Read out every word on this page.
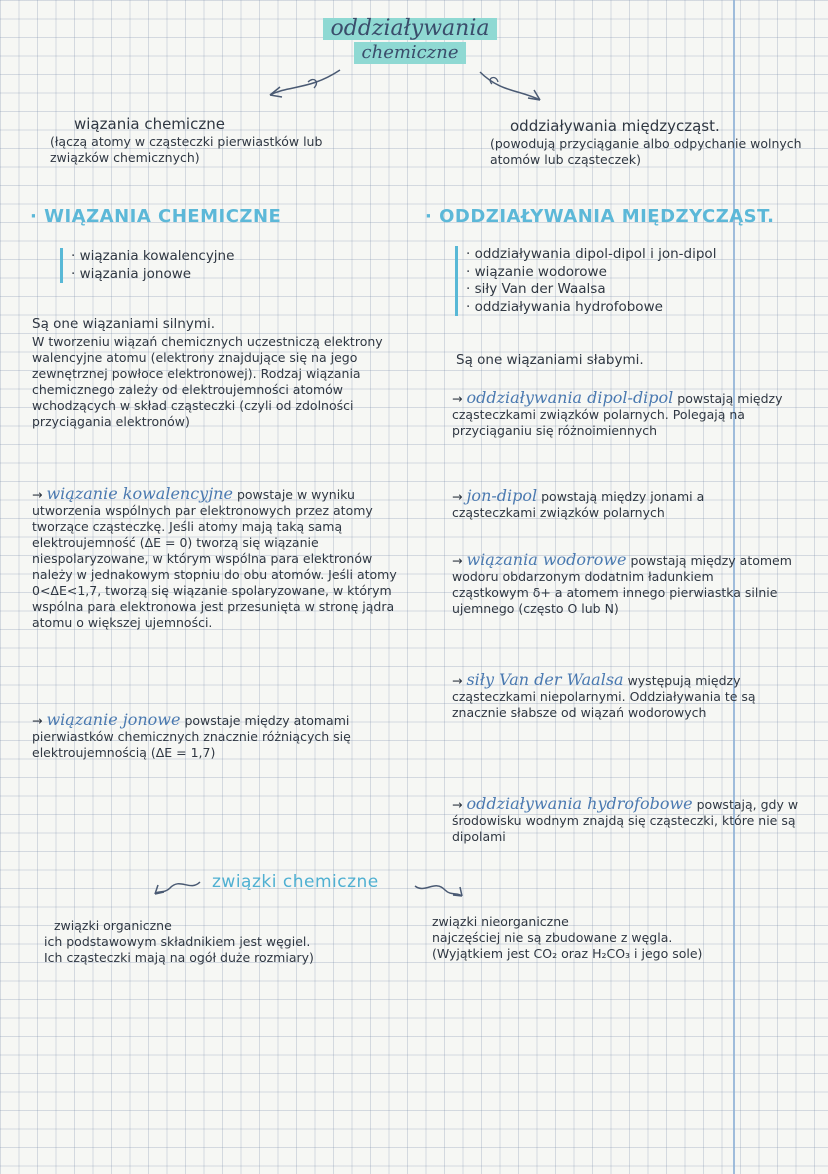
oddziaływania
chemiczne
wiązania chemiczne
(łączą atomy w cząsteczki pierwiastków lub związków chemicznych)
oddziaływania międzycząst.
(powodują przyciąganie albo odpychanie wolnych atomów lub cząsteczek)
· WIĄZANIA CHEMICZNE
· wiązania kowalencyjne
· wiązania jonowe
Są one wiązaniami silnymi.
W tworzeniu wiązań chemicznych uczestniczą elektrony walencyjne atomu (elektrony znajdujące się na jego zewnętrznej powłoce elektronowej). Rodzaj wiązania chemicznego zależy od elektroujemności atomów wchodzących w skład cząsteczki (czyli od zdolności przyciągania elektronów)
→ wiązanie kowalencyjne powstaje w wyniku utworzenia wspólnych par elektronowych przez atomy tworzące cząsteczkę. Jeśli atomy mają taką samą elektroujemność (ΔE = 0) tworzą się wiązanie niespolaryzowane, w którym wspólna para elektronów należy w jednakowym stopniu do obu atomów. Jeśli atomy 0<ΔE<1,7, tworzą się wiązanie spolaryzowane, w którym wspólna para elektronowa jest przesunięta w stronę jądra atomu o większej ujemności.
→ wiązanie jonowe powstaje między atomami pierwiastków chemicznych znacznie różniących się elektroujemnością (ΔE = 1,7)
· ODDZIAŁYWANIA MIĘDZYCZĄST.
· oddziaływania dipol-dipol i jon-dipol
· wiązanie wodorowe
· siły Van der Waalsa
· oddziaływania hydrofobowe
Są one wiązaniami słabymi.
→ oddziaływania dipol-dipol powstają między cząsteczkami związków polarnych. Polegają na przyciąganiu się różnoimiennych
→ jon-dipol powstają między jonami a cząsteczkami związków polarnych
→ wiązania wodorowe powstają między atomem wodoru obdarzonym dodatnim ładunkiem cząstkowym δ+ a atomem innego pierwiastka silnie ujemnego (często O lub N)
→ siły Van der Waalsa występują między cząsteczkami niepolarnymi. Oddziaływania te są znacznie słabsze od wiązań wodorowych
→ oddziaływania hydrofobowe powstają, gdy w środowisku wodnym znajdą się cząsteczki, które nie są dipolami
związki chemiczne
związki organiczne
ich podstawowym składnikiem jest węgiel. Ich cząsteczki mają na ogół duże rozmiary)
związki nieorganiczne
najczęściej nie są zbudowane z węgla. (Wyjątkiem jest CO₂ oraz H₂CO₃ i jego sole)
